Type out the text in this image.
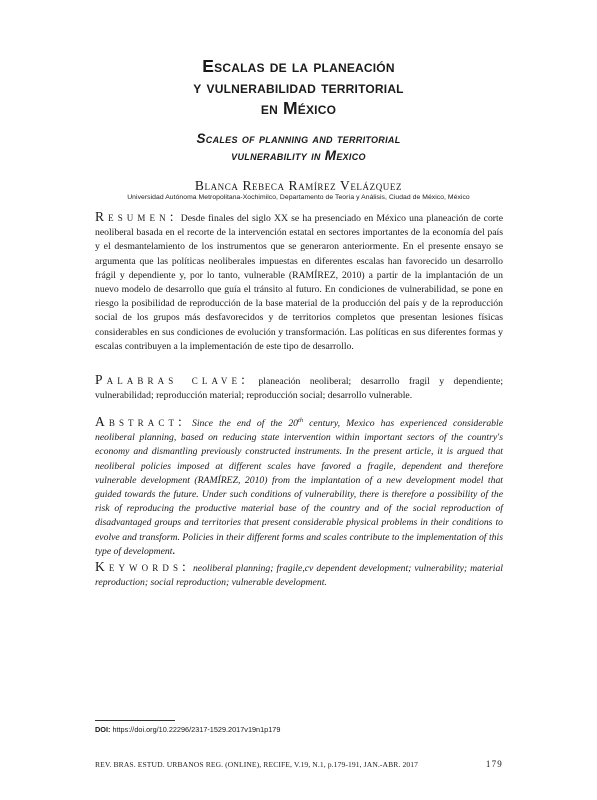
Escalas de la planeación
y vulnerabilidad territorial
en México
Scales of planning and territorial
vulnerability in Mexico
Blanca Rebeca Ramírez Velázquez
Universidad Autónoma Metropolitana-Xochimilco, Departamento de Teoría y Análisis, Ciudad de México, México

Resumen: Desde finales del siglo XX se ha presenciado en México una planeación de corte neoliberal basada en el recorte de la intervención estatal en sectores importantes de la economía del país y el desmantelamiento de los instrumentos que se generaron anteriormente. En el presente ensayo se argumenta que las políticas neoliberales impuestas en diferentes escalas han favorecido un desarrollo frágil y dependiente y, por lo tanto, vulnerable (RAMÍREZ, 2010) a partir de la implantación de un nuevo modelo de desarrollo que guía el tránsito al futuro. En condiciones de vulnerabilidad, se pone en riesgo la posibilidad de reproducción de la base material de la producción del país y de la reproducción social de los grupos más desfavorecidos y de territorios completos que presentan lesiones físicas considerables en sus condiciones de evolución y transformación. Las políticas en sus diferentes formas y escalas contribuyen a la implementación de este tipo de desarrollo.

Palabras clave: planeación neoliberal; desarrollo fragil y dependiente; vulnerabilidad; reproducción material; reproducción social; desarrollo vulnerable.

Abstract: Since the end of the 20th century, Mexico has experienced considerable neoliberal planning, based on reducing state intervention within important sectors of the country's economy and dismantling previously constructed instruments. In the present article, it is argued that neoliberal policies imposed at different scales have favored a fragile, dependent and therefore vulnerable development (RAMÍREZ, 2010) from the implantation of a new development model that guided towards the future. Under such conditions of vulnerability, there is therefore a possibility of the risk of reproducing the productive material base of the country and of the social reproduction of disadvantaged groups and territories that present considerable physical problems in their conditions to evolve and transform. Policies in their different forms and scales contribute to the implementation of this type of development.

Keywords: neoliberal planning; fragile,cv dependent development; vulnerability; material reproduction; social reproduction; vulnerable development.

DOI: https://doi.org/10.22296/2317-1529.2017v19n1p179
REV. BRAS. ESTUD. URBANOS REG. (ONLINE), RECIFE, V.19, N.1, p.179-191, JAN.-ABR. 2017	179
